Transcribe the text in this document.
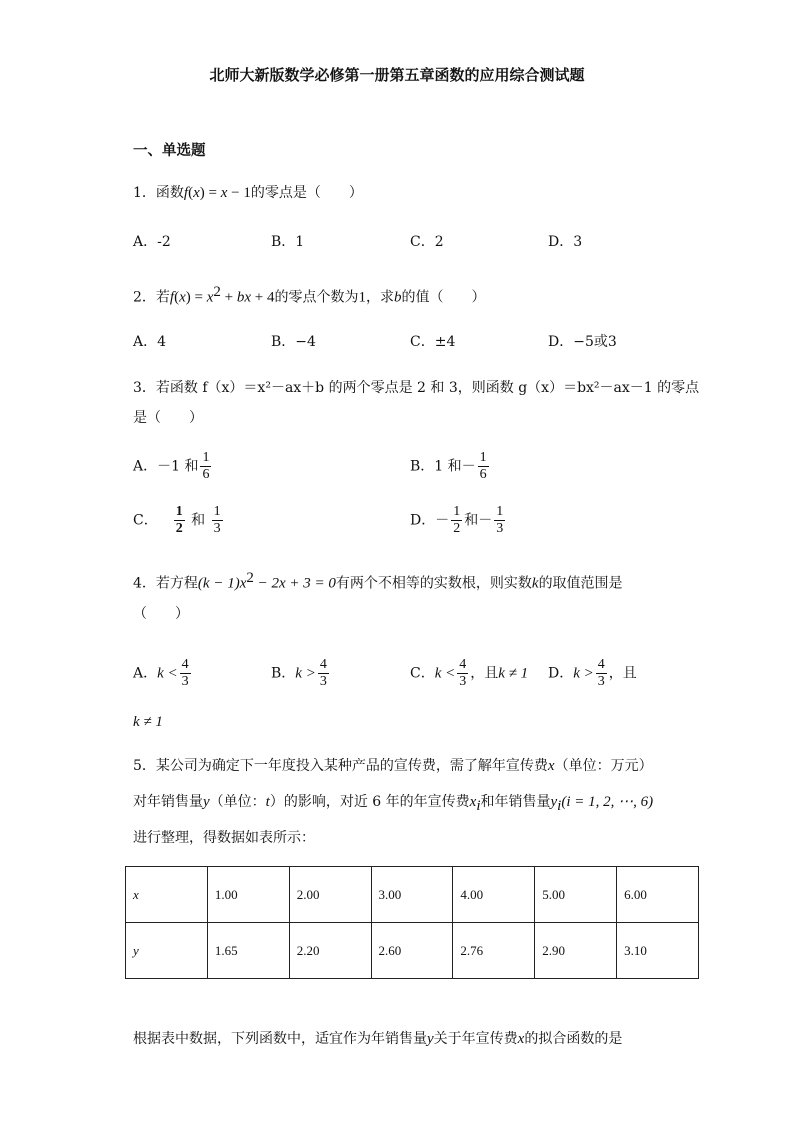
北师大新版数学必修第一册第五章函数的应用综合测试题
一、单选题
1．函数f(x) = x − 1的零点是（　　）
A．-2	B．1	C．2	D．3
2．若$f(x) = x^2$ + bx + 4的零点个数为1，求b的值（　　）
A．4	B．−4	C．±4	D．−5或3
3．若函数 f（x）＝x²－ax＋b 的两个零点是 2 和 3，则函数 g（x）＝bx²－ax－1 的零点
是（　　）
A．－1 和 $\frac{1}{6}$	B．1 和－ $\frac{1}{6}$
C．  $\frac{1}{2}$ 和 $\frac{1}{3}$	D．－ $\frac{1}{2}$ 和－ $\frac{1}{3}$
4．若方程$(k - 1)x^2 - 2x + 3 = 0$有两个不相等的实数根，则实数k的取值范围是
（　　）
A．$k < \frac{4}{3}$	B．$k > \frac{4}{3}$	C．$k < \frac{4}{3}$ ，且k ≠ 1 D．$k > \frac{4}{3}$ ，且
k ≠ 1
5．某公司为确定下一年度投入某种产品的宣传费，需了解年宣传费x（单位：万元）
对年销售量y（单位：t）的影响，对近 6 年的年宣传费$x_i$和年销售量$y_i(i = 1$, 2, ⋯, 6)
进行整理，得数据如表所示：
x	1.00	2.00	3.00	4.00	5.00	6.00
y	1.65	2.20	2.60	2.76	2.90	3.10
根据表中数据，下列函数中，适宜作为年销售量y关于年宣传费x的拟合函数的是
